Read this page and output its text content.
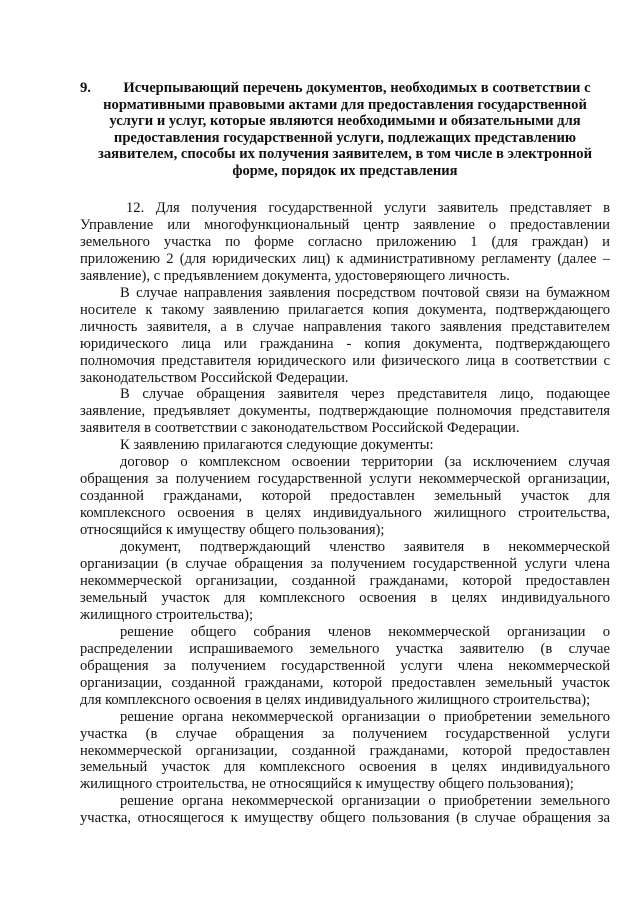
9.	Исчерпывающий перечень документов, необходимых в соответствии с
нормативными правовыми актами для предоставления государственной
услуги и услуг, которые являются необходимыми и обязательными для
предоставления государственной услуги, подлежащих представлению
заявителем, способы их получения заявителем, в том числе в электронной
форме, порядок их представления
12. Для получения государственной услуги заявитель представляет в
Управление или многофункциональный центр заявление о предоставлении
земельного участка по форме согласно приложению 1 (для граждан) и
приложению 2 (для юридических лиц) к административному регламенту (далее –
заявление), с предъявлением документа, удостоверяющего личность.
В случае направления заявления посредством почтовой связи на бумажном
носителе к такому заявлению прилагается копия документа, подтверждающего
личность заявителя, а в случае направления такого заявления представителем
юридического лица или гражданина - копия документа, подтверждающего
полномочия представителя юридического или физического лица в соответствии с
законодательством Российской Федерации.
В случае обращения заявителя через представителя лицо, подающее
заявление, предъявляет документы, подтверждающие полномочия представителя
заявителя в соответствии с законодательством Российской Федерации.
К заявлению прилагаются следующие документы:
договор о комплексном освоении территории (за исключением случая
обращения за получением государственной услуги некоммерческой организации,
созданной гражданами, которой предоставлен земельный участок для
комплексного освоения в целях индивидуального жилищного строительства,
относящийся к имуществу общего пользования);
документ, подтверждающий членство заявителя в некоммерческой
организации (в случае обращения за получением государственной услуги члена
некоммерческой организации, созданной гражданами, которой предоставлен
земельный участок для комплексного освоения в целях индивидуального
жилищного строительства);
решение общего собрания членов некоммерческой организации о
распределении испрашиваемого земельного участка заявителю (в случае
обращения за получением государственной услуги члена некоммерческой
организации, созданной гражданами, которой предоставлен земельный участок
для комплексного освоения в целях индивидуального жилищного строительства);
решение органа некоммерческой организации о приобретении земельного
участка (в случае обращения за получением государственной услуги
некоммерческой организации, созданной гражданами, которой предоставлен
земельный участок для комплексного освоения в целях индивидуального
жилищного строительства, не относящийся к имуществу общего пользования);
решение органа некоммерческой организации о приобретении земельного
участка, относящегося к имуществу общего пользования (в случае обращения за
